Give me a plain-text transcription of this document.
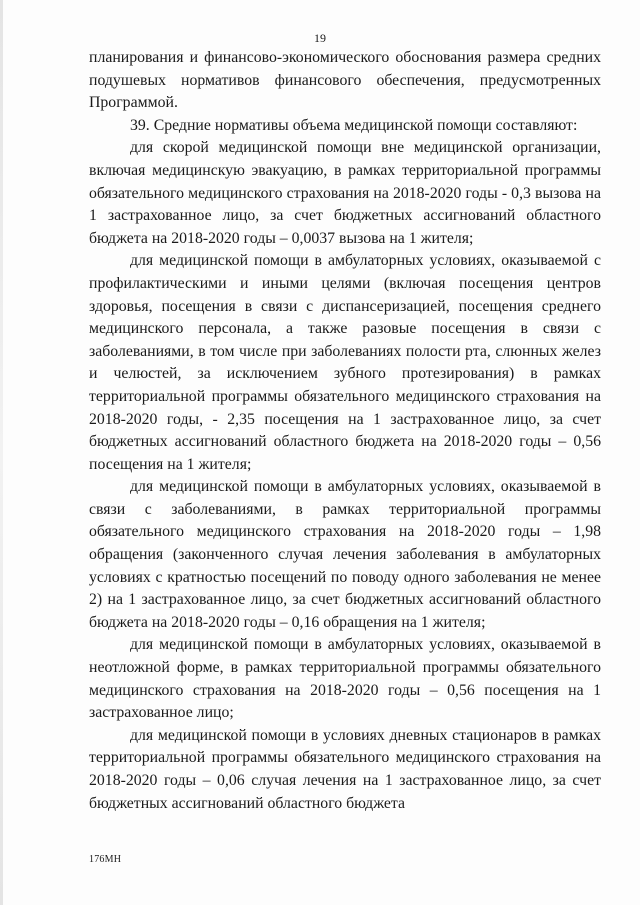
19

планирования и финансово-экономического обоснования размера средних подушевых нормативов финансового обеспечения, предусмотренных Программой.

39. Средние нормативы объема медицинской помощи составляют:

для скорой медицинской помощи вне медицинской организации, включая медицинскую эвакуацию, в рамках территориальной программы обязательного медицинского страхования на 2018-2020 годы - 0,3 вызова на 1 застрахованное лицо, за счет бюджетных ассигнований областного бюджета на 2018-2020 годы – 0,0037 вызова на 1 жителя;

для медицинской помощи в амбулаторных условиях, оказываемой с профилактическими и иными целями (включая посещения центров здоровья, посещения в связи с диспансеризацией, посещения среднего медицинского персонала, а также разовые посещения в связи с заболеваниями, в том числе при заболеваниях полости рта, слюнных желез и челюстей, за исключением зубного протезирования) в рамках территориальной программы обязательного медицинского страхования на 2018-2020 годы, - 2,35 посещения на 1 застрахованное лицо, за счет бюджетных ассигнований областного бюджета на 2018-2020 годы – 0,56 посещения на 1 жителя;

для медицинской помощи в амбулаторных условиях, оказываемой в связи с заболеваниями, в рамках территориальной программы обязательного медицинского страхования на 2018-2020 годы – 1,98 обращения (законченного случая лечения заболевания в амбулаторных условиях с кратностью посещений по поводу одного заболевания не менее 2) на 1 застрахованное лицо, за счет бюджетных ассигнований областного бюджета на 2018-2020 годы – 0,16 обращения на 1 жителя;

для медицинской помощи в амбулаторных условиях, оказываемой в неотложной форме, в рамках территориальной программы обязательного медицинского страхования на 2018-2020 годы – 0,56 посещения на 1 застрахованное лицо;

для медицинской помощи в условиях дневных стационаров в рамках территориальной программы обязательного медицинского страхования на 2018-2020 годы – 0,06 случая лечения на 1 застрахованное лицо, за счет бюджетных ассигнований областного бюджета

176МН
